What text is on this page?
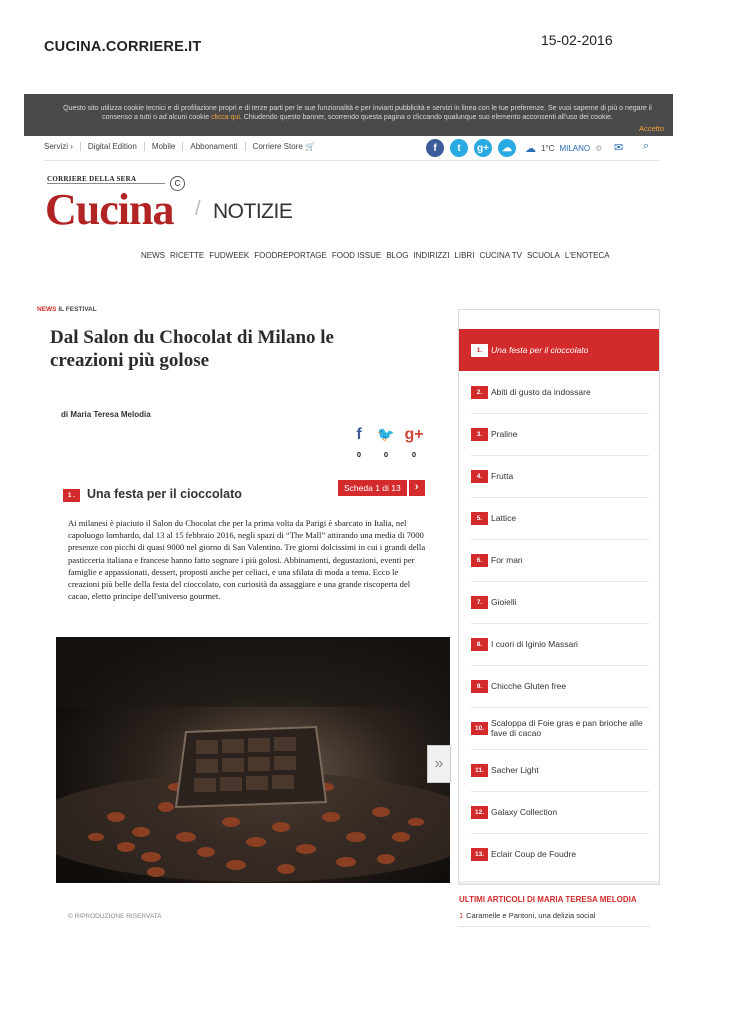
CUCINA.CORRIERE.IT	15-02-2016
Questo sito utilizza cookie tecnici e di profilazione propri e di terze parti per le sue funzionalità e per inviarti pubblicità e servizi in linea con le tue preferenze. Se vuoi saperne di più o negare il consenso a tutti o ad alcuni cookie clicca qui. Chiudendo questo banner, scorrendo questa pagina o cliccando qualunque suo elemento acconsenti all'uso dei cookie.
Accetto
Servizi ›	Digital Edition	Mobile	Abbonamenti	Corriere Store 🛒	f	t	g+	☁	☁ 1°C MILANO ⚙ ✉ ⌕
CORRIERE DELLA SERA	C
Cucina / NOTIZIE
NEWS RICETTE FUDWEEK FOODREPORTAGE FOOD ISSUE BLOG INDIRIZZI LIBRI CUCINA TV SCUOLA L'ENOTECA
NEWS IL FESTIVAL
Dal Salon du Chocolat di Milano le creazioni più golose
di Maria Teresa Melodia
f
0
🐦
0
g+
0
1 . Una festa per il cioccolato	Scheda 1 di 13	›
Ai milanesi è piaciuto il Salon du Chocolat che per la prima volta da Parigi è sbarcato in Italia, nel capoluogo lombardo, dal 13 al 15 febbraio 2016, negli spazi di “The Mall” attirando una media di 7000 presenze con picchi di quasi 9000 nel giorno di San Valentino. Tre giorni dolcissimi in cui i grandi della pasticceria italiana e francese hanno fatto sognare i più golosi. Abbinamenti, degustazioni, eventi per famiglie e appassionati, dessert, proposti anche per celiaci, e una sfilata di moda a tema. Ecco le creazioni più belle della festa del cioccolato, con curiosità da assaggiare e una grande riscoperta del cacao, eletto principe dell'universo gourmet.
»
© RIPRODUZIONE RISERVATA
1.	Una festa per il cioccolato
2.	Abiti di gusto da indossare
3.	Praline
4.	Frutta
5.	Lattice
6.	For man
7.	Gioielli
8.	I cuori di Iginio Massari
9.	Chicche Gluten free
10. Scaloppa di Foie gras e pan brioche alle fave di cacao
11. Sacher Light
12. Galaxy Collection
13. Eclair Coup de Foudre
ULTIMI ARTICOLI DI MARIA TERESA MELODIA
1 Caramelle e Pantoni, una delizia social
